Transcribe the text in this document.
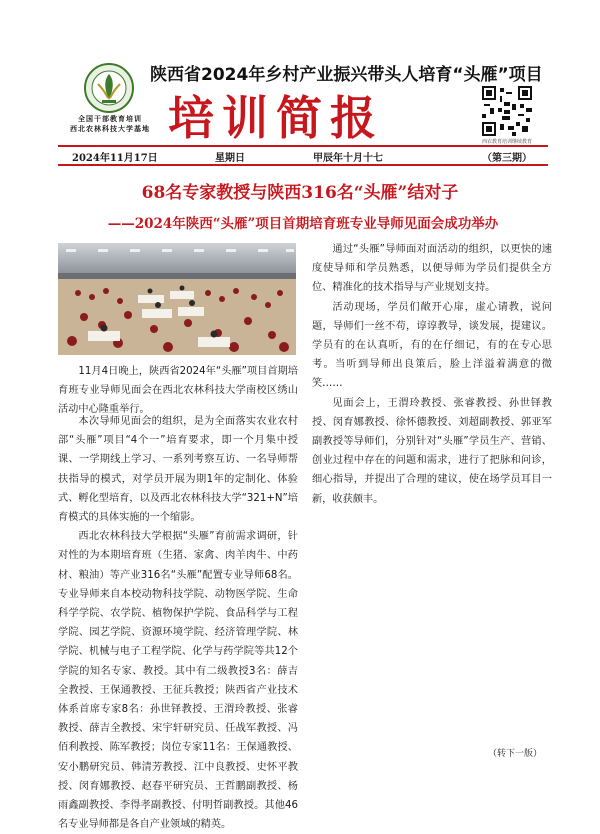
全国干部教育培训
西北农林科技大学基地
陕西省2024年乡村产业振兴带头人培育“头雁”项目
培训简报	西农教育培训继续教育
2024年11月17日	星期日	甲辰年十月十七	（第三期）
68名专家教授与陕西316名“头雁”结对子
——2024年陕西“头雁”项目首期培育班专业导师见面会成功举办

11月4日晚上，陕西省2024年“头雁”项目首期培育班专业导师见面会在西北农林科技大学南校区绣山活动中心隆重举行。

本次导师见面会的组织，是为全面落实农业农村部“头雁”项目“4个一”培育要求，即一个月集中授课、一学期线上学习、一系列考察互访、一名导师帮扶指导的模式，对学员开展为期1年的定制化、体验式、孵化型培育，以及西北农林科技大学“321+N”培育模式的具体实施的一个缩影。

西北农林科技大学根据“头雁”育前需求调研，针对性的为本期培育班（生猪、家禽、肉羊肉牛、中药材、粮油）等产业316名“头雁”配置专业导师68名。专业导师来自本校动物科技学院、动物医学院、生命科学学院、农学院、植物保护学院、食品科学与工程学院、园艺学院、资源环境学院、经济管理学院、林学院、机械与电子工程学院、化学与药学院等共12个学院的知名专家、教授。其中有二级教授3名：薛吉全教授、王保通教授、王征兵教授；陕西省产业技术体系首席专家8名：孙世铎教授、王渭玲教授、张睿教授、薛吉全教授、宋宇轩研究员、任战军教授、冯佰利教授、陈军教授；岗位专家11名：王保通教授、安小鹏研究员、韩清芳教授、江中良教授、史怀平教授、闵育娜教授、赵春平研究员、王哲鹏副教授、杨雨鑫副教授、李得孝副教授、付明哲副教授。其他46名专业导师都是各自产业领域的精英。

通过“头雁”导师面对面活动的组织，以更快的速度使导师和学员熟悉，以便导师为学员们提供全方位、精准化的技术指导与产业规划支持。

活动现场，学员们敞开心扉，虚心请教，说问题，导师们一丝不苟，谆谆教导，谈发展，提建议。学员有的在认真听，有的在仔细记，有的在专心思考。当听到导师出良策后，脸上洋溢着满意的微笑……

见面会上，王渭玲教授、张睿教授、孙世铎教授、闵育娜教授、徐怀德教授、刘超副教授、郭亚军副教授等导师们，分别针对“头雁”学员生产、营销、创业过程中存在的问题和需求，进行了把脉和问诊，细心指导，并提出了合理的建议，使在场学员耳目一新，收获颇丰。

（转下一版）
